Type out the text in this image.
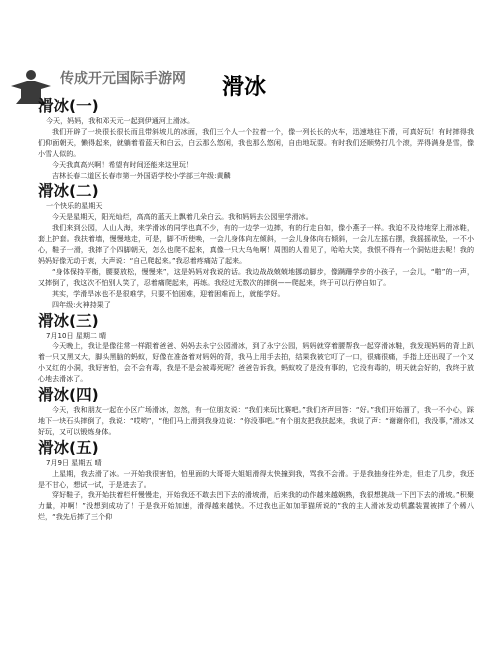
传成开元国际手游网 滑冰
滑冰(一)

今天，妈妈，我和邓天元一起到伊通河上滑冰。

我们开辟了一块很长很长而且带斜坡儿的冰面，我们三个人一个拉着一个，像一列长长的火车，迅速地往下滑，可真好玩！有时摔得我们仰面朝天，懒得起来，就躺着看蓝天和白云，白云那么悠闲，我也那么悠闲，自由地玩耍。有时我们还顺势打几个滚，弄得满身是雪，像小雪人似的。

今天我真高兴啊！希望有时间还能来这里玩！

吉林长春二道区长春市第一外国语学校小学部三年级:黄麟

滑冰(二)

一个快乐的星期天

今天是星期天，阳光灿烂，高高的蓝天上飘着几朵白云。我和妈妈去公园里学滑冰。

我们来到公园，人山人海，来学滑冰的同学也真不少，有的一边学一边摔，有的行走自如，像小燕子一样。我迫不及待地穿上滑冰鞋，套上护套。我扶着墙，慢慢地走，可是，脚不听使唤，一会儿身体向左倾斜，一会儿身体向右倾斜，一会儿左摇右摆，我摇摇欲坠，一不小心，鞋子一滑，我摔了个四脚朝天，怎么也爬不起来，真像一只大乌龟啊！周围的人看见了，哈哈大笑，我恨不得有一个洞钻进去呢！我的妈妈好像无动于衷，大声说：“自己爬起来。”我忍着疼痛站了起来。

“身体保持平衡，腰要放松，慢慢来”，这是妈妈对我说的话。我边战战兢兢地挪动脚步，像蹒跚学步的小孩子，一会儿，“啪”的一声，又摔倒了，我这次不怕别人笑了，忍着痛爬起来，再练。我经过无数次的摔倒——爬起来，终于可以行停自如了。

其实，学滑旱冰也不是很难学，只要不怕困难，迎着困难而上，就能学好。

四年级:火神持果了

滑冰(三)

7月10日 星期二 晴

今天晚上，我让是像往常一样跟着爸爸、妈妈去永宁公园滑冰，到了永宁公园，妈妈就穿着腰帮我一起穿滑冰鞋，我发现妈妈的背上趴着一只又黑又大，脚头黑脑的蚂蚁，好像在准备着对妈妈的背，我马上用手去拍，结果我被它叮了一口，很痛很痛，手指上还出现了一个又小又红的小洞，我好害怕，会不会有毒，我是不是会被毒死呢？爸爸告诉我，蚂蚁咬了是没有事的，它没有毒的，明天就会好的，我终于放心地去滑冰了。

滑冰(四)

今天，我和朋友一起在小区广场滑冰，忽然，有一位朋友说：“我们来玩比赛吧。”我们齐声回答：“好。”我们开始溜了，我一不小心，踩地下一块石头摔倒了，我说：“哎哟”，“他们马上滑到我身边说：“你没事吧。”有个朋友把我扶起来，我说了声：“谢谢你们，我没事，”滑冰又好玩，又可以锻炼身体。

滑冰(五)

7月9日 星期五 晴

上星期，我去滑了冰。一开始我很害怕，怕里面的大哥哥大姐姐滑得太快撞到我，骂我不会滑。于是我抽身往外走，但走了几步，我还是不甘心，想试一试，于是进去了。

穿好鞋子，我开始扶着栏杆慢慢走，开始我还不敢去凹下去的滑坡滑，后来我的动作越来越娴熟，我很想挑战一下凹下去的滑坡。”积聚力量，冲啊！”没想到成功了！于是我开始加速，滑得越来越快。不过我也正如加菲猫所说的”我的主人滑冰发动机蠢装置被摔了个稀八烂，“我先后摔了三个仰
